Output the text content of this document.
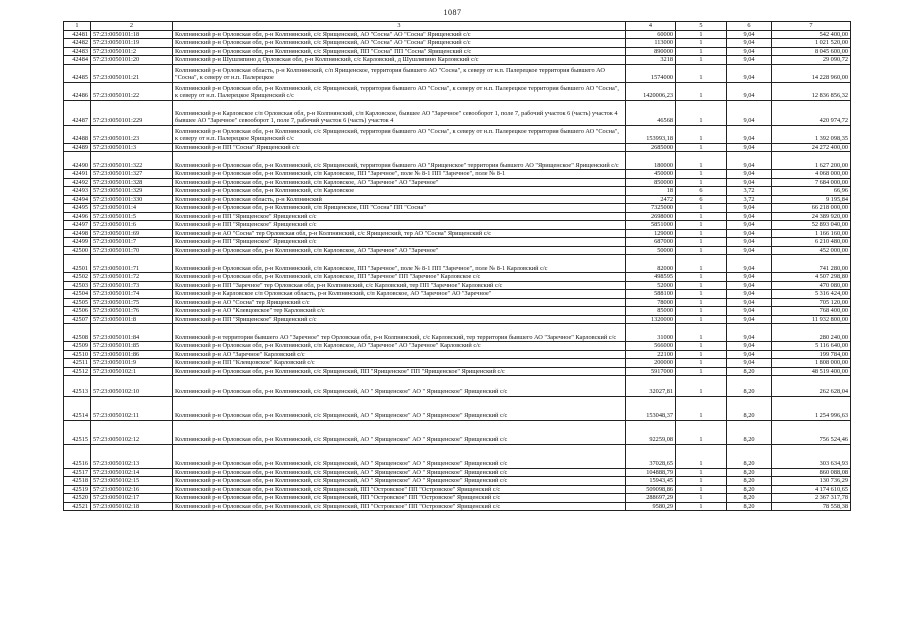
1087
1	2	3	4	5	6	7
42481	57:23:0050101:18	Колпнянский р-н Орловская обл, р-н Колпнянский, с/с Ярищенский, АО "Сосна" АО "Сосна" Ярищенский с/с	60000	1	9,04	542 400,00
42482	57:23:0050101:19	Колпнянский р-н Орловская обл, р-н Колпнянский, с/с Ярищенский, АО "Сосна" АО "Сосна" Ярищенский с/с	113000	1	9,04	1 021 520,00
42483	57:23:0050101:2	Колпнянский р-н Орловская обл, р-н Колпнянский, с/с Ярищенский, ПП "Сосна" ПП "Сосна" Ярищенский с/с	890000	1	9,04	8 045 600,00
42484	57:23:0050101:20	Колпнянский р-н Шушляпино д Орловская обл, р-н Колпнянский, с/с Карловский, д Шушляпино Карловский с/с	3218	1	9,04	29 090,72
42485	57:23:0050101:21	Колпнянский р-н Орловская область, р-н Колпнянский, с/п Ярищенское, территория бывшего АО "Сосна", к северу от н.п. Палерецкое территория бывшего АО "Сосна", к северу от н.п. Палерецкое	1574000	1	9,04	14 228 960,00
42486	57:23:0050101:22	Колпнянский р-н Орловская обл, р-н Колпнянский, с/с Ярищенский, территория бывшего АО "Сосна", к северу от н.п. Палерецкое территория бывшего АО "Сосна", к северу от н.п. Палерецкое Ярищенский с/с	1420006,23	1	9,04	12 836 856,32
42487	57:23:0050101:229	Колпнянский р-н Карловское с/п Орловская обл, р-н Колпнянский, с/п Карловское, бывшее АО "Заречное" севооборот 1, поле 7, рабочий участок 6 (часть) участок 4 бывшее АО "Заречное" севооборот 1, поле 7, рабочий участок 6 (часть) участок 4	46568	1	9,04	420 974,72
42488	57:23:0050101:23	Колпнянский р-н Орловская обл, р-н Колпнянский, с/с Ярищенский, территория бывшего АО "Сосна", к северу от н.п. Палерецкое территория бывшего АО "Сосна", к северу от н.п. Палерецкое Ярищенский с/с	153993,18	1	9,04	1 392 098,35
42489	57:23:0050101:3	Колпнянский р-н ПП "Сосна" Ярищенский с/с	2685000	1	9,04	24 272 400,00
42490	57:23:0050101:322	Колпнянский р-н Орловская обл, р-н Колпнянский, с/с Ярищенский, территория бывшего АО "Ярищенское" территория бывшего АО "Ярищенское" Ярищенский с/с	180000	1	9,04	1 627 200,00
42491	57:23:0050101:327	Колпнянский р-н Орловская обл, р-н Колпнянский, с/п Карловское, ПП "Заречное", поле № 8-1 ПП "Заречное", поле № 8-1	450000	1	9,04	4 068 000,00
42492	57:23:0050101:328	Колпнянский р-н Орловская обл, р-н Колпнянский, с/п Карловское, АО "Заречное" АО "Заречное"	850000	1	9,04	7 684 000,00
42493	57:23:0050101:329	Колпнянский р-н Орловская обл, р-н Колпнянский, с/п Карловское	18	6	3,72	66,96
42494	57:23:0050101:330	Колпнянский р-н Орловская область, р-н Колпнянский	2472	6	3,72	9 195,84
42495	57:23:0050101:4	Колпнянский р-н Орловская обл, р-н Колпнянский, с/п Ярищенское, ПП "Сосна" ПП "Сосна"	7325000	1	9,04	66 218 000,00
42496	57:23:0050101:5	Колпнянский р-н ПП "Ярищенское" Ярищенский с/с	2698000	1	9,04	24 389 920,00
42497	57:23:0050101:6	Колпнянский р-н ПП "Ярищенское" Ярищенский с/с	5851000	1	9,04	52 893 040,00
42498	57:23:0050101:69	Колпнянский р-н АО "Сосна" тер Орловская обл, р-н Колпнянский, с/с Ярищенский, тер АО "Сосна" Ярищенский с/с	129000	1	9,04	1 166 160,00
42499	57:23:0050101:7	Колпнянский р-н ПП "Ярищенское" Ярищенский с/с	687000	1	9,04	6 210 480,00
42500	57:23:0050101:70	Колпнянский р-н Орловская обл, р-н Колпнянский, с/п Карловское, АО "Заречное" АО "Заречное"	50000	1	9,04	452 000,00
42501	57:23:0050101:71	Колпнянский р-н Орловская обл, р-н Колпнянский, с/п Карловское, ПП "Заречное", поле № 8-1 ПП "Заречное", поле № 8-1 Карловский с/с	82000	1	9,04	741 280,00
42502	57:23:0050101:72	Колпнянский р-н Орловская обл, р-н Колпнянский, с/п Карловское, ПП "Заречное" ПП "Заречное" Карловское с/с	498595	1	9,04	4 507 298,80
42503	57:23:0050101:73	Колпнянский р-н ПП "Заречное" тер Орловская обл, р-н Колпнянский, с/с Карловский, тер ПП "Заречное" Карловский с/с	52000	1	9,04	470 080,00
42504	57:23:0050101:74	Колпнянский р-н Карловское с/п Орловская область, р-н Колпнянский, с/п Карловское, АО "Заречное" АО "Заречное"	588100	1	9,04	5 316 424,00
42505	57:23:0050101:75	Колпнянский р-н АО "Сосна" тер Ярищенский с/с	78000	1	9,04	705 120,00
42506	57:23:0050101:76	Колпнянский р-н АО "Клевцовское" тер Карловский с/с	85000	1	9,04	768 400,00
42507	57:23:0050101:8	Колпнянский р-н ПП "Ярищенское" Ярищенский с/с	1320000	1	9,04	11 932 800,00
42508	57:23:0050101:84	Колпнянский р-н территория бывшего АО "Заречное" тер Орловская обл, р-н Колпнянский, с/с Карловский, тер территория бывшего АО "Заречное" Карловский с/с	31000	1	9,04	280 240,00
42509	57:23:0050101:85	Колпнянский р-н Орловская обл, р-н Колпнянский, с/п Карловское, АО "Заречное" АО "Заречное" Карловский с/с	566000	1	9,04	5 116 640,00
42510	57:23:0050101:86	Колпнянский р-н АО "Заречное" Карловский с/с	22100	1	9,04	199 784,00
42511	57:23:0050101:9	Колпнянский р-н ПП "Клевцовское" Карловский с/с	200000	1	9,04	1 808 000,00
42512	57:23:0050102:1	Колпнянский р-н Орловская обл, р-н Колпнянский, с/с Ярищенский, ПП "Ярищенское" ПП "Ярищенское" Ярищенский с/с	5917000	1	8,20	48 519 400,00
42513	57:23:0050102:10	Колпнянский р-н Орловская обл, р-н Колпнянский, с/с Ярищенский, АО " Ярищенское" АО " Ярищенское" Ярищенский с/с	32027,81	1	8,20	262 628,04
42514	57:23:0050102:11	Колпнянский р-н Орловская обл, р-н Колпнянский, с/с Ярищенский, АО " Ярищенское" АО " Ярищенское" Ярищенский с/с	153048,37	1	8,20	1 254 996,63
42515	57:23:0050102:12	Колпнянский р-н Орловская обл, р-н Колпнянский, с/с Ярищенский, АО " Ярищенское" АО " Ярищенское" Ярищенский с/с	92259,08	1	8,20	756 524,46
42516	57:23:0050102:13	Колпнянский р-н Орловская обл, р-н Колпнянский, с/с Ярищенский, АО " Ярищенское" АО " Ярищенское" Ярищенский с/с	37028,65	1	8,20	303 634,93
42517	57:23:0050102:14	Колпнянский р-н Орловская обл, р-н Колпнянский, с/с Ярищенский, АО " Ярищенское" АО " Ярищенское" Ярищенский с/с	104888,79	1	8,20	860 088,08
42518	57:23:0050102:15	Колпнянский р-н Орловская обл, р-н Колпнянский, с/с Ярищенский, АО " Ярищенское" АО " Ярищенское" Ярищенский с/с	15943,45	1	8,20	130 736,29
42519	57:23:0050102:16	Колпнянский р-н Орловская обл, р-н Колпнянский, с/с Ярищенский, ПП "Островское" ПП "Островское" Ярищенский с/с	509098,86	1	8,20	4 174 610,65
42520	57:23:0050102:17	Колпнянский р-н Орловская обл, р-н Колпнянский, с/с Ярищенский, ПП "Островское" ПП "Островское" Ярищенский с/с	288697,29	1	8,20	2 367 317,78
42521	57:23:0050102:18	Колпнянский р-н Орловская обл, р-н Колпнянский, с/с Ярищенский, ПП "Островское" ПП "Островское" Ярищенский с/с	9580,29	1	8,20	78 558,38
